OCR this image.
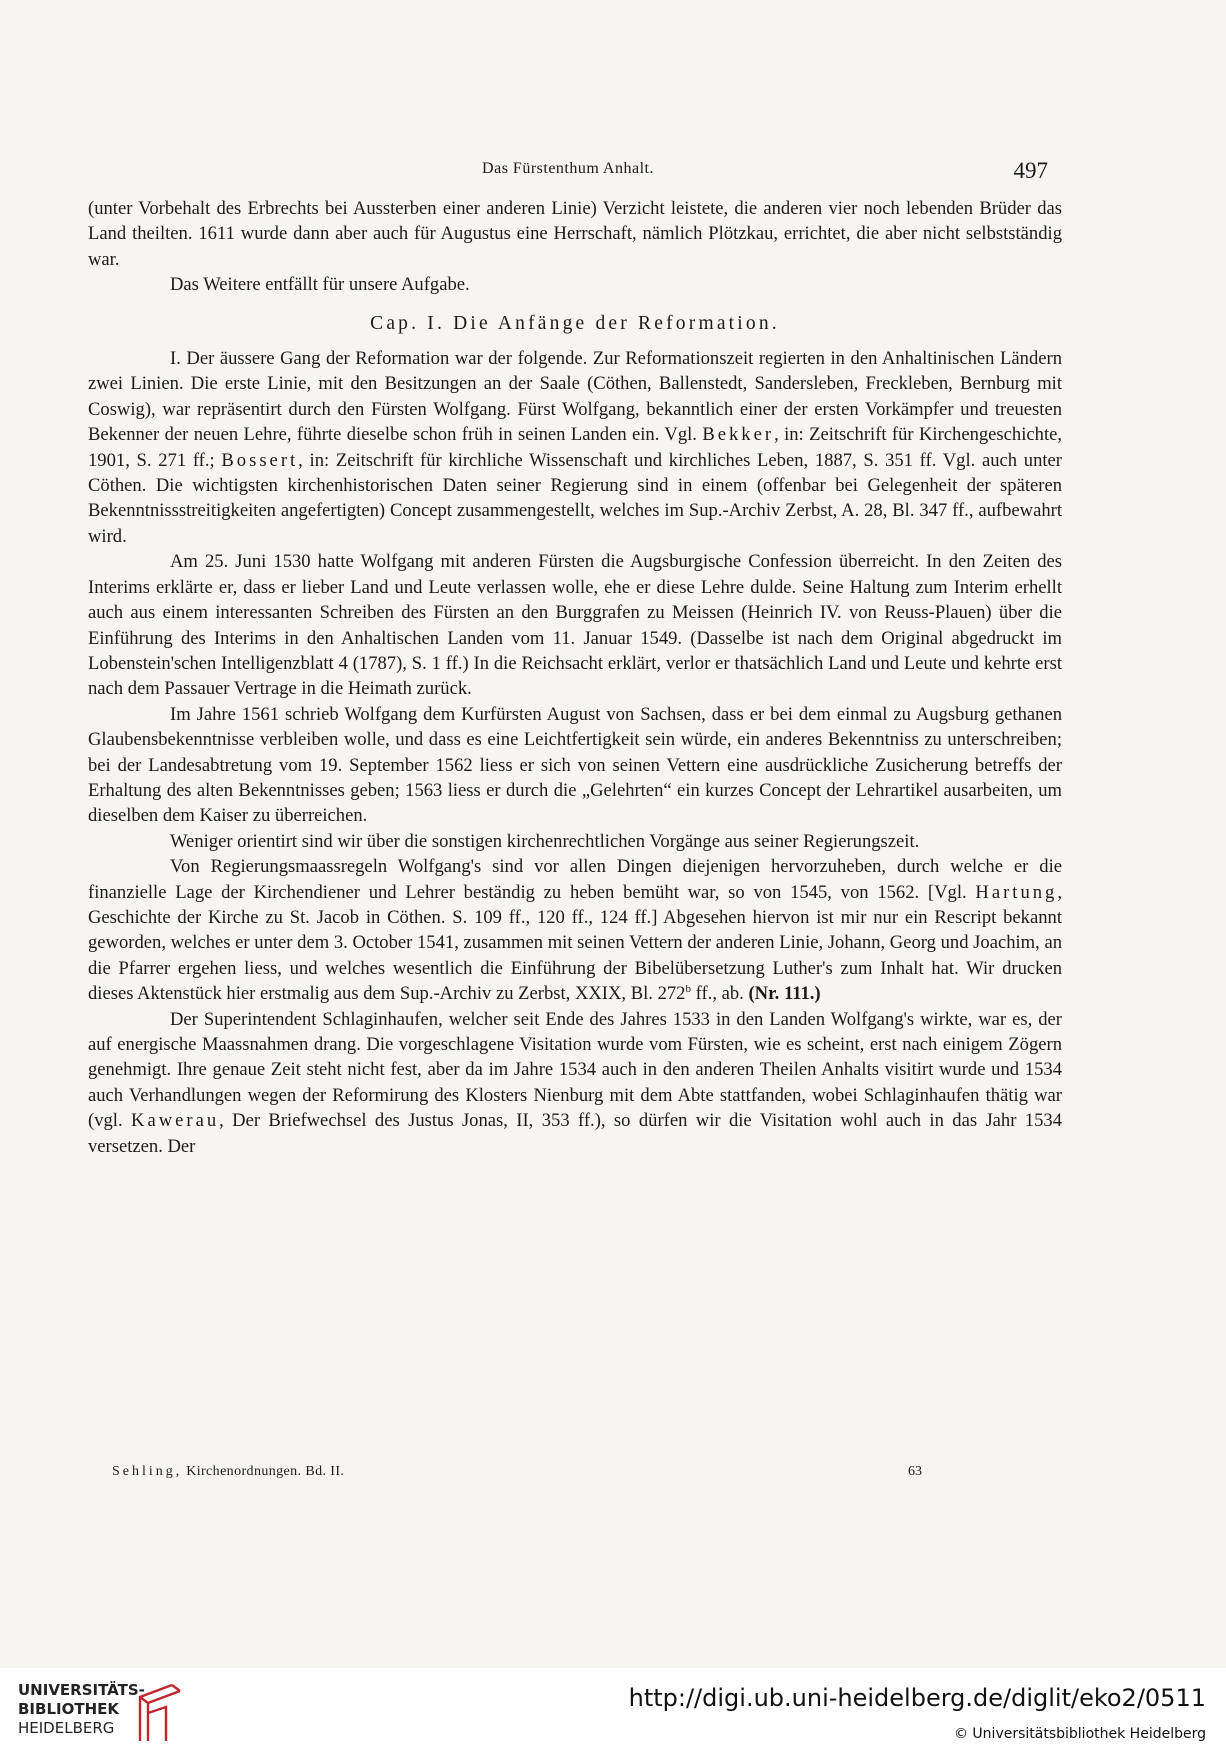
Das Fürstenthum Anhalt.	497

(unter Vorbehalt des Erbrechts bei Aussterben einer anderen Linie) Verzicht leistete, die anderen vier noch lebenden Brüder das Land theilten. 1611 wurde dann aber auch für Augustus eine Herrschaft, nämlich Plötzkau, errichtet, die aber nicht selbstständig war.

Das Weitere entfällt für unsere Aufgabe.

Cap. I. Die Anfänge der Reformation.

I. Der äussere Gang der Reformation war der folgende. Zur Reformationszeit regierten in den Anhaltinischen Ländern zwei Linien. Die erste Linie, mit den Besitzungen an der Saale (Cöthen, Ballenstedt, Sandersleben, Freckleben, Bernburg mit Coswig), war repräsentirt durch den Fürsten Wolfgang. Fürst Wolfgang, bekanntlich einer der ersten Vorkämpfer und treuesten Bekenner der neuen Lehre, führte dieselbe schon früh in seinen Landen ein. Vgl. Bekker, in: Zeitschrift für Kirchengeschichte, 1901, S. 271 ff.; Bossert, in: Zeitschrift für kirchliche Wissenschaft und kirchliches Leben, 1887, S. 351 ff. Vgl. auch unter Cöthen. Die wichtigsten kirchenhistorischen Daten seiner Regierung sind in einem (offenbar bei Gelegenheit der späteren Bekenntnissstreitigkeiten angefertigten) Concept zusammengestellt, welches im Sup.-Archiv Zerbst, A. 28, Bl. 347 ff., aufbewahrt wird.

Am 25. Juni 1530 hatte Wolfgang mit anderen Fürsten die Augsburgische Confession überreicht. In den Zeiten des Interims erklärte er, dass er lieber Land und Leute verlassen wolle, ehe er diese Lehre dulde. Seine Haltung zum Interim erhellt auch aus einem interessanten Schreiben des Fürsten an den Burggrafen zu Meissen (Heinrich IV. von Reuss-Plauen) über die Einführung des Interims in den Anhaltischen Landen vom 11. Januar 1549. (Dasselbe ist nach dem Original abgedruckt im Lobenstein'schen Intelligenzblatt 4 (1787), S. 1 ff.) In die Reichsacht erklärt, verlor er thatsächlich Land und Leute und kehrte erst nach dem Passauer Vertrage in die Heimath zurück.

Im Jahre 1561 schrieb Wolfgang dem Kurfürsten August von Sachsen, dass er bei dem einmal zu Augsburg gethanen Glaubensbekenntnisse verbleiben wolle, und dass es eine Leichtfertigkeit sein würde, ein anderes Bekenntniss zu unterschreiben; bei der Landesabtretung vom 19. September 1562 liess er sich von seinen Vettern eine ausdrückliche Zusicherung betreffs der Erhaltung des alten Bekenntnisses geben; 1563 liess er durch die „Gelehrten“ ein kurzes Concept der Lehrartikel ausarbeiten, um dieselben dem Kaiser zu überreichen.

Weniger orientirt sind wir über die sonstigen kirchenrechtlichen Vorgänge aus seiner Regierungszeit.

Von Regierungsmaassregeln Wolfgang's sind vor allen Dingen diejenigen hervorzuheben, durch welche er die finanzielle Lage der Kirchendiener und Lehrer beständig zu heben bemüht war, so von 1545, von 1562. [Vgl. Hartung, Geschichte der Kirche zu St. Jacob in Cöthen. S. 109 ff., 120 ff., 124 ff.] Abgesehen hiervon ist mir nur ein Rescript bekannt geworden, welches er unter dem 3. October 1541, zusammen mit seinen Vettern der anderen Linie, Johann, Georg und Joachim, an die Pfarrer ergehen liess, und welches wesentlich die Einführung der Bibelübersetzung Luther's zum Inhalt hat. Wir drucken dieses Aktenstück hier erstmalig aus dem Sup.-Archiv zu Zerbst, XXIX, Bl. 272$^b$ ff., ab. (Nr. 111.)

Der Superintendent Schlaginhaufen, welcher seit Ende des Jahres 1533 in den Landen Wolfgang's wirkte, war es, der auf energische Maassnahmen drang. Die vorgeschlagene Visitation wurde vom Fürsten, wie es scheint, erst nach einigem Zögern genehmigt. Ihre genaue Zeit steht nicht fest, aber da im Jahre 1534 auch in den anderen Theilen Anhalts visitirt wurde und 1534 auch Verhandlungen wegen der Reformirung des Klosters Nienburg mit dem Abte stattfanden, wobei Schlaginhaufen thätig war (vgl. Kawerau, Der Briefwechsel des Justus Jonas, II, 353 ff.), so dürfen wir die Visitation wohl auch in das Jahr 1534 versetzen. Der

Sehling, Kirchenordnungen. Bd. II.	63
UNIVERSITÄTS-
BIBLIOTHEK
HEIDELBERG
http://digi.ub.uni-heidelberg.de/diglit/eko2/0511
© Universitätsbibliothek Heidelberg
